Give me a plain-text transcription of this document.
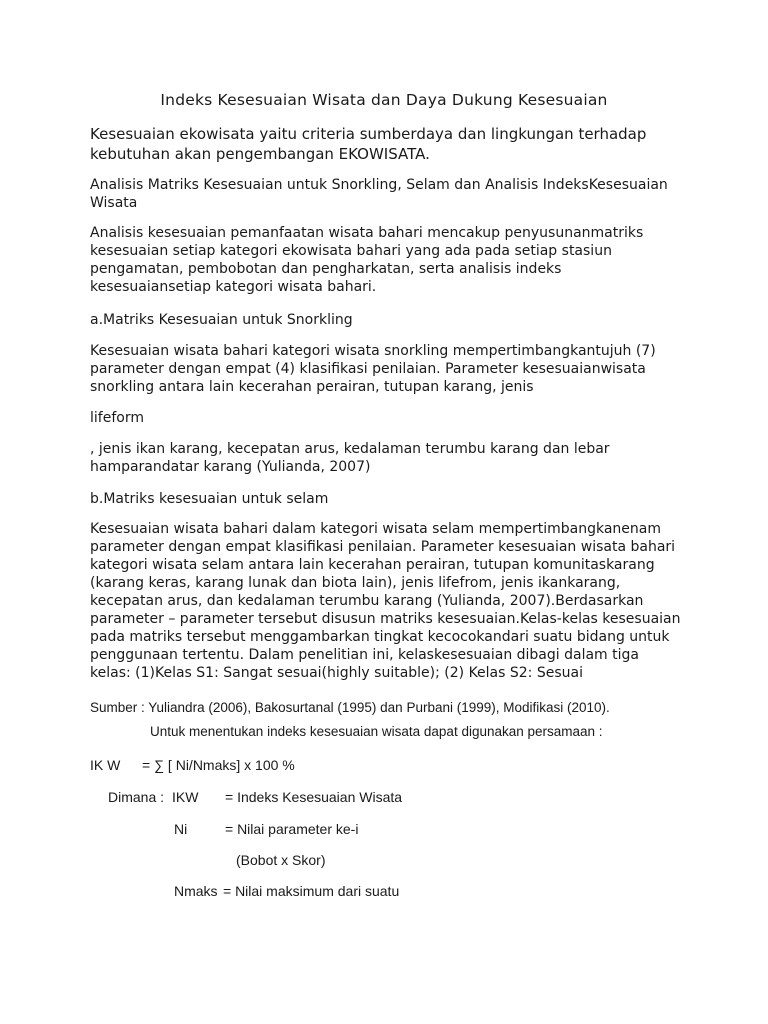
Indeks Kesesuaian Wisata dan Daya Dukung Kesesuaian

Kesesuaian ekowisata yaitu criteria sumberdaya dan lingkungan terhadap
kebutuhan akan pengembangan EKOWISATA.

Analisis Matriks Kesesuaian untuk Snorkling, Selam dan Analisis IndeksKesesuaian
Wisata

Analisis kesesuaian pemanfaatan wisata bahari mencakup penyusunanmatriks
kesesuaian setiap kategori ekowisata bahari yang ada pada setiap stasiun
pengamatan, pembobotan dan pengharkatan, serta analisis indeks
kesesuaiansetiap kategori wisata bahari.

a.Matriks Kesesuaian untuk Snorkling

Kesesuaian wisata bahari kategori wisata snorkling mempertimbangkantujuh (7)
parameter dengan empat (4) klasifikasi penilaian. Parameter kesesuaianwisata
snorkling antara lain kecerahan perairan, tutupan karang, jenis

lifeform

, jenis ikan karang, kecepatan arus, kedalaman terumbu karang dan lebar
hamparandatar karang (Yulianda, 2007)

b.Matriks kesesuaian untuk selam

Kesesuaian wisata bahari dalam kategori wisata selam mempertimbangkanenam
parameter dengan empat klasifikasi penilaian. Parameter kesesuaian wisata bahari
kategori wisata selam antara lain kecerahan perairan, tutupan komunitaskarang
(karang keras, karang lunak dan biota lain), jenis lifefrom, jenis ikankarang,
kecepatan arus, dan kedalaman terumbu karang (Yulianda, 2007).Berdasarkan
parameter – parameter tersebut disusun matriks kesesuaian.Kelas-kelas kesesuaian
pada matriks tersebut menggambarkan tingkat kecocokandari suatu bidang untuk
penggunaan tertentu. Dalam penelitian ini, kelaskesesuaian dibagi dalam tiga
kelas: (1)Kelas S1: Sangat sesuai(highly suitable); (2) Kelas S2: Sesuai

Sumber : Yuliandra (2006), Bakosurtanal (1995) dan Purbani (1999), Modifikasi (2010).

Untuk menentukan indeks kesesuaian wisata dapat digunakan persamaan :

IK W = ∑ [ Ni/Nmaks] x 100 %
Dimana : IKW = Indeks Kesesuaian Wisata
Ni	= Nilai parameter ke-i
(Bobot x Skor)
Nmaks = Nilai maksimum dari suatu
